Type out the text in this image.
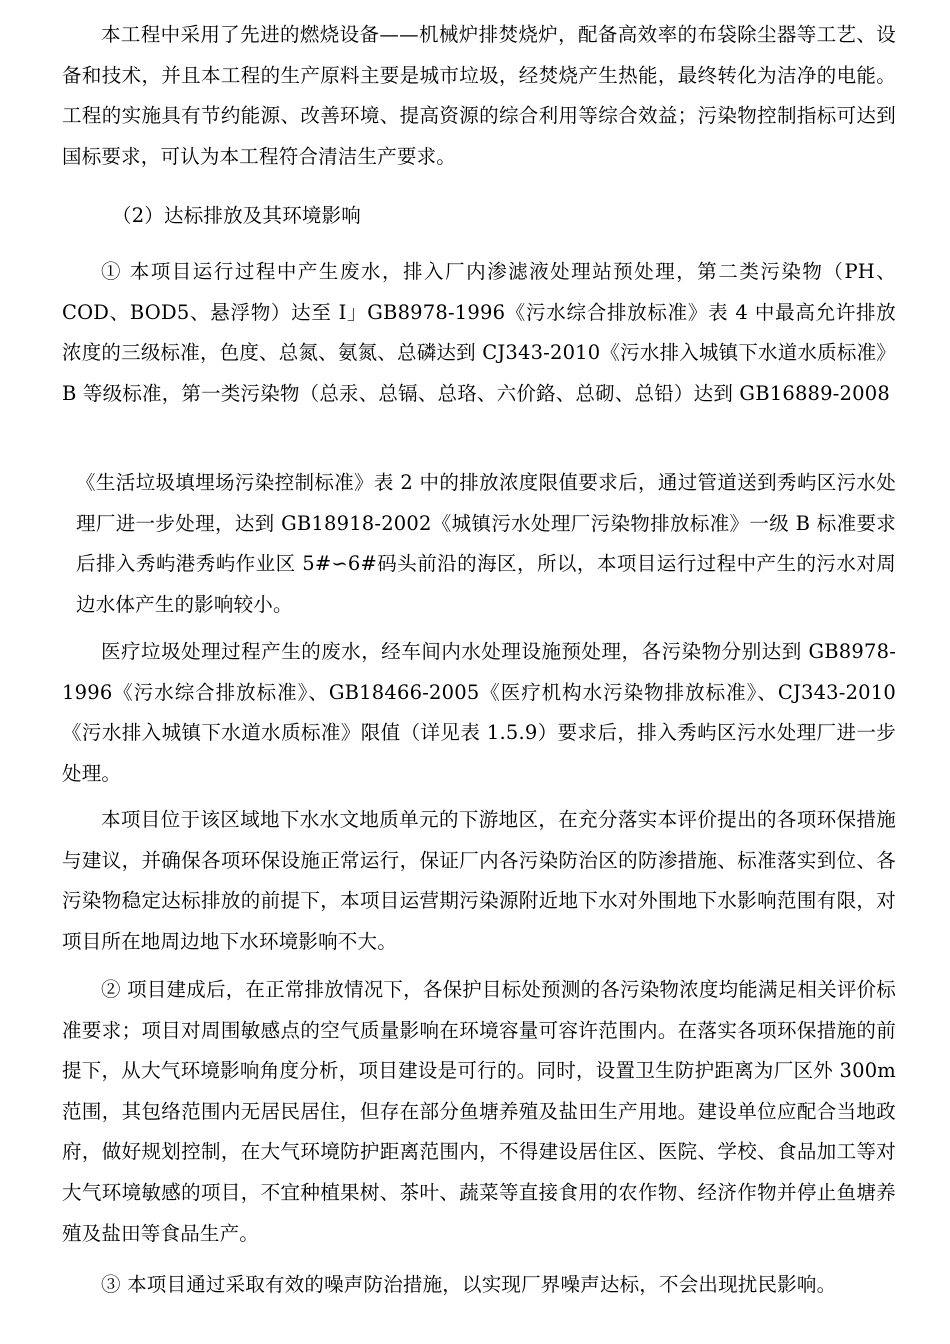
本工程中采用了先进的燃烧设备——机械炉排焚烧炉，配备高效率的布袋除尘器等工艺、设备和技术，并且本工程的生产原料主要是城市垃圾，经焚烧产生热能，最终转化为洁净的电能。工程的实施具有节约能源、改善环境、提高资源的综合利用等综合效益；污染物控制指标可达到国标要求，可认为本工程符合清洁生产要求。

（2）达标排放及其环境影响

① 本项目运行过程中产生废水，排入厂内渗滤液处理站预处理，第二类污染物（PH、COD、BOD5、悬浮物）达至 I」GB8978-1996《污水综合排放标准》表 4 中最高允许排放浓度的三级标准，色度、总氮、氨氮、总磷达到 CJ343-2010《污水排入城镇下水道水质标准》B 等级标准，第一类污染物（总汞、总镉、总珞、六价鉻、总砌、总铅）达到 GB16889-2008

《生活垃圾填埋场污染控制标准》表 2 中的排放浓度限值要求后，通过管道送到秀屿区污水处理厂进一步处理，达到 GB18918-2002《城镇污水处理厂污染物排放标准》一级 B 标准要求后排入秀屿港秀屿作业区 5#∽6#码头前沿的海区，所以，本项目运行过程中产生的污水对周边水体产生的影响较小。

医疗垃圾处理过程产生的废水，经车间内水处理设施预处理，各污染物分别达到 GB8978-1996《污水综合排放标准》、GB18466-2005《医疗机构水污染物排放标准》、CJ343-2010《污水排入城镇下水道水质标准》限值（详见表 1.5.9）要求后，排入秀屿区污水处理厂进一步处理。

本项目位于该区域地下水水文地质单元的下游地区，在充分落实本评价提出的各项环保措施与建议，并确保各项环保设施正常运行，保证厂内各污染防治区的防渗措施、标准落实到位、各污染物稳定达标排放的前提下，本项目运营期污染源附近地下水对外围地下水影响范围有限，对项目所在地周边地下水环境影响不大。

② 项目建成后，在正常排放情况下，各保护目标处预测的各污染物浓度均能满足相关评价标准要求；项目对周围敏感点的空气质量影响在环境容量可容许范围内。在落实各项环保措施的前提下，从大气环境影响角度分析，项目建设是可行的。同时，设置卫生防护距离为厂区外 300m 范围，其包络范围内无居民居住，但存在部分鱼塘养殖及盐田生产用地。建设单位应配合当地政府，做好规划控制，在大气环境防护距离范围内，不得建设居住区、医院、学校、食品加工等对大气环境敏感的项目，不宜种植果树、茶叶、蔬菜等直接食用的农作物、经济作物并停止鱼塘养殖及盐田等食品生产。

③ 本项目通过采取有效的噪声防治措施，以实现厂界噪声达标，不会出现扰民影响。
